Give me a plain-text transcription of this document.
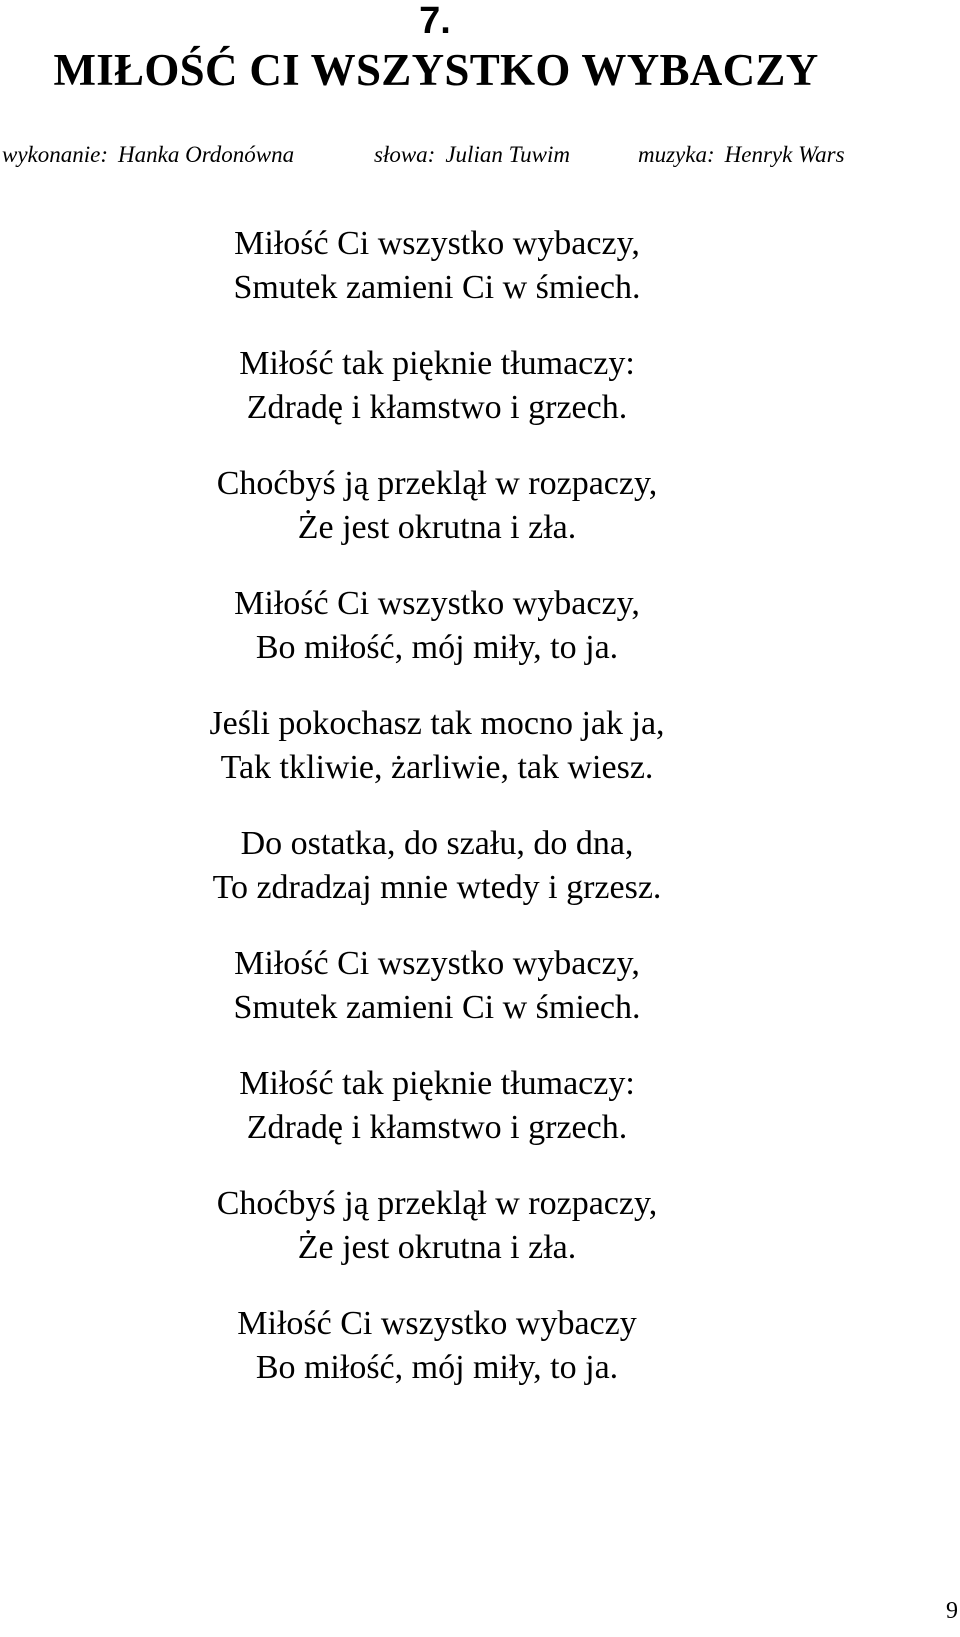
7.
MIŁOŚĆ CI WSZYSTKO WYBACZY
wykonanie: Hanka Ordonówna	słowa: Julian Tuwim	muzyka: Henryk Wars
Miłość Ci wszystko wybaczy,
Smutek zamieni Ci w śmiech.
Miłość tak pięknie tłumaczy:
Zdradę i kłamstwo i grzech.
Choćbyś ją przeklął w rozpaczy,
Że jest okrutna i zła.
Miłość Ci wszystko wybaczy,
Bo miłość, mój miły, to ja.
Jeśli pokochasz tak mocno jak ja,
Tak tkliwie, żarliwie, tak wiesz.
Do ostatka, do szału, do dna,
To zdradzaj mnie wtedy i grzesz.
Miłość Ci wszystko wybaczy,
Smutek zamieni Ci w śmiech.
Miłość tak pięknie tłumaczy:
Zdradę i kłamstwo i grzech.
Choćbyś ją przeklął w rozpaczy,
Że jest okrutna i zła.
Miłość Ci wszystko wybaczy
Bo miłość, mój miły, to ja.
9
